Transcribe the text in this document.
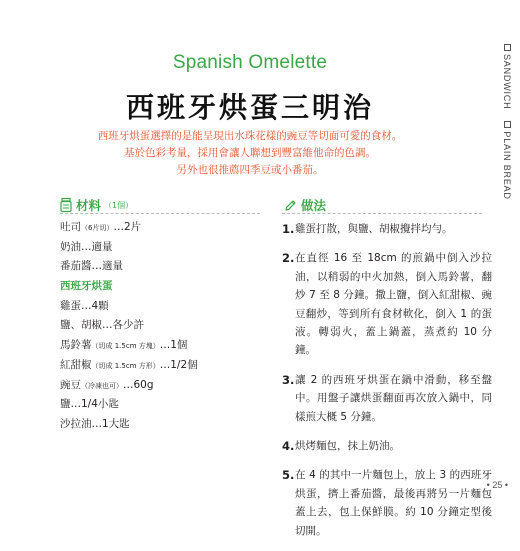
Spanish Omelette
西班牙烘蛋三明治
西班牙烘蛋選擇的是能呈現出水珠花樣的豌豆等切面可愛的食材。
基於色彩考量，採用會讓人聯想到豐富維他命的色調。
另外也很推薦四季豆或小番茄。
SANDWICHPLAIN BREAD
材料 （1個）
吐司（6片切）…2片
奶油…適量
番茄醬…適量
西班牙烘蛋
雞蛋…4顆
鹽、胡椒…各少許
馬鈴薯（切成 1.5cm 方塊）…1個
紅甜椒（切成 1.5cm 方形）…1/2個
豌豆（冷凍也可）…60g
鹽…1/4小匙
沙拉油…1大匙
做法
1. 雞蛋打散，與鹽、胡椒攪拌均勻。
2. 在直徑 16 至 18cm 的煎鍋中倒入沙拉油，以稍弱的中火加熱，倒入馬鈴薯，翻炒 7 至 8 分鐘。撒上鹽，倒入紅甜椒、豌豆翻炒，等到所有食材軟化，倒入 1 的蛋液。轉弱火，蓋上鍋蓋，蒸煮約 10 分鐘。
3. 讓 2 的西班牙烘蛋在鍋中滑動，移至盤中。用盤子讓烘蛋翻面再次放入鍋中，同樣煎大概 5 分鐘。
4. 烘烤麵包，抹上奶油。
5. 在 4 的其中一片麵包上，放上 3 的西班牙烘蛋，擠上番茄醬，最後再將另一片麵包蓋上去，包上保鮮膜。約 10 分鐘定型後切開。
• 25 •
